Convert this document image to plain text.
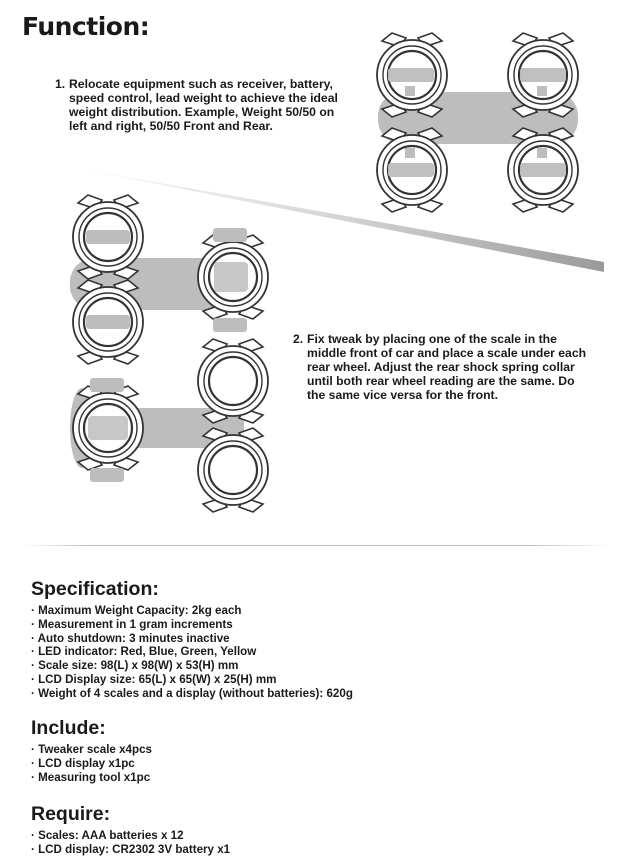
Function:
1. Relocate equipment such as receiver, battery,
speed control, lead weight to achieve the ideal
weight distribution. Example, Weight 50/50 on
left and right, 50/50 Front and Rear.
2. Fix tweak by placing one of the scale in the
middle front of car and place a scale under each
rear wheel. Adjust the rear shock spring collar
until both rear wheel reading are the same. Do
the same vice versa for the front.
Specification:
· Maximum Weight Capacity: 2kg each
· Measurement in 1 gram increments
· Auto shutdown: 3 minutes inactive
· LED indicator: Red, Blue, Green, Yellow
· Scale size: 98(L) x 98(W) x 53(H) mm
· LCD Display size: 65(L) x 65(W) x 25(H) mm
· Weight of 4 scales and a display (without batteries): 620g
Include:
· Tweaker scale x4pcs
· LCD display x1pc
· Measuring tool x1pc
Require:
· Scales: AAA batteries x 12
· LCD display: CR2302 3V battery x1
